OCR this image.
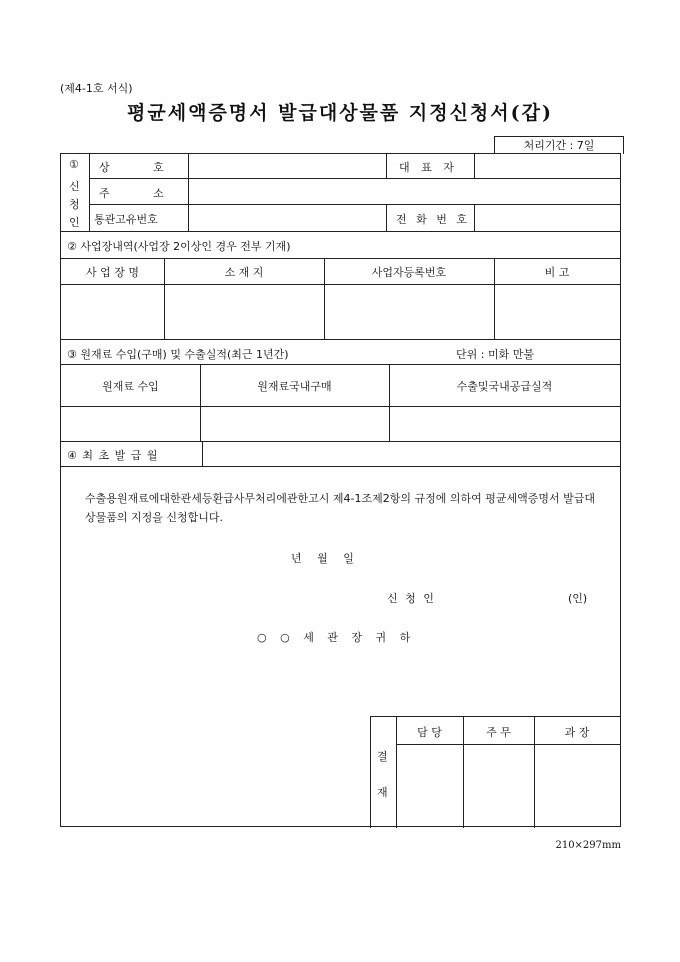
(제4-1호 서식)
평균세액증명서 발급대상물품 지정신청서(갑)
처리기간 : 7일
①
신
청
인
상 호	대 표 자
주 소
통관고유번호	전 화 번 호
② 사업장내역(사업장 2이상인 경우 전부 기재)
사 업 장 명	소 재 지	사업자등록번호	비 고
③ 원재료 수입(구매) 및 수출실적(최근 1년간)	단위 : 미화 만불
원재료 수입	원재료국내구매	수출및국내공급실적
④ 최 초 발 급 월
수출용원재료에대한관세등환급사무처리에관한고시 제4-1조제2항의 규정에 의하여 평균세액증명서 발급대상물품의 지정을 신청합니다.
년 월 일
신 청 인	(인)
○ ○ 세 관 장 귀 하
결
재
담 당	주 무	과 장
210×297mm
